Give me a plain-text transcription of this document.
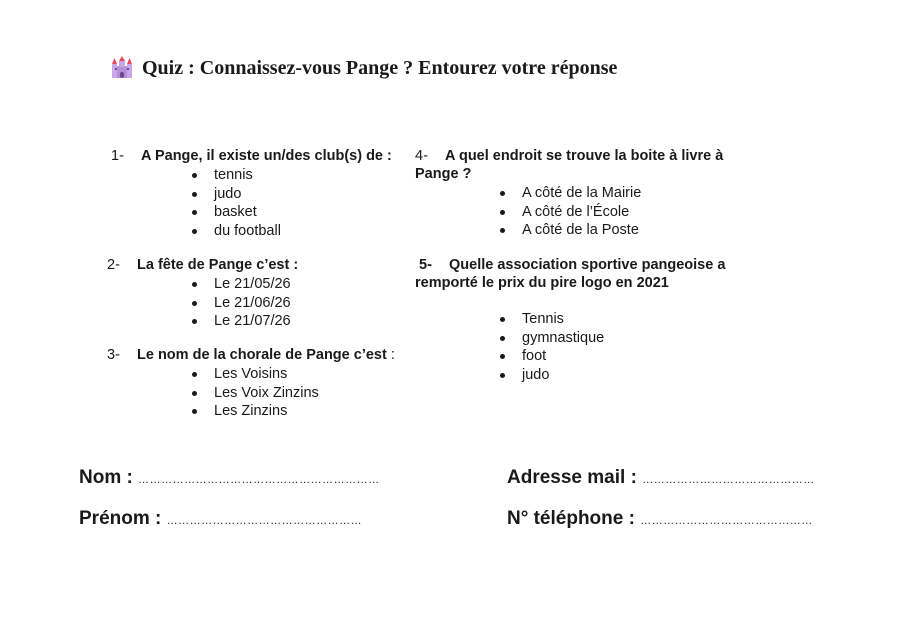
Quiz : Connaissez-vous Pange ? Entourez votre réponse
1- A Pange, il existe un/des club(s) de :
tennis
judo
basket
du football
2- La fête de Pange c’est :
Le 21/05/26
Le 21/06/26
Le 21/07/26
3- Le nom de la chorale de Pange c’est :
Les Voisins
Les Voix Zinzins
Les Zinzins
4- A quel endroit se trouve la boite à livre à
Pange ?
A côté de la Mairie
A côté de l’École
A côté de la Poste
5- Quelle association sportive pangeoise a
remporté le prix du pire logo en 2021
Tennis
gymnastique
foot
judo
Nom : ………………………………………………………
Prénom : ……………………………………………
Adresse mail : ………………………………………
N° téléphone : ………………………………………
